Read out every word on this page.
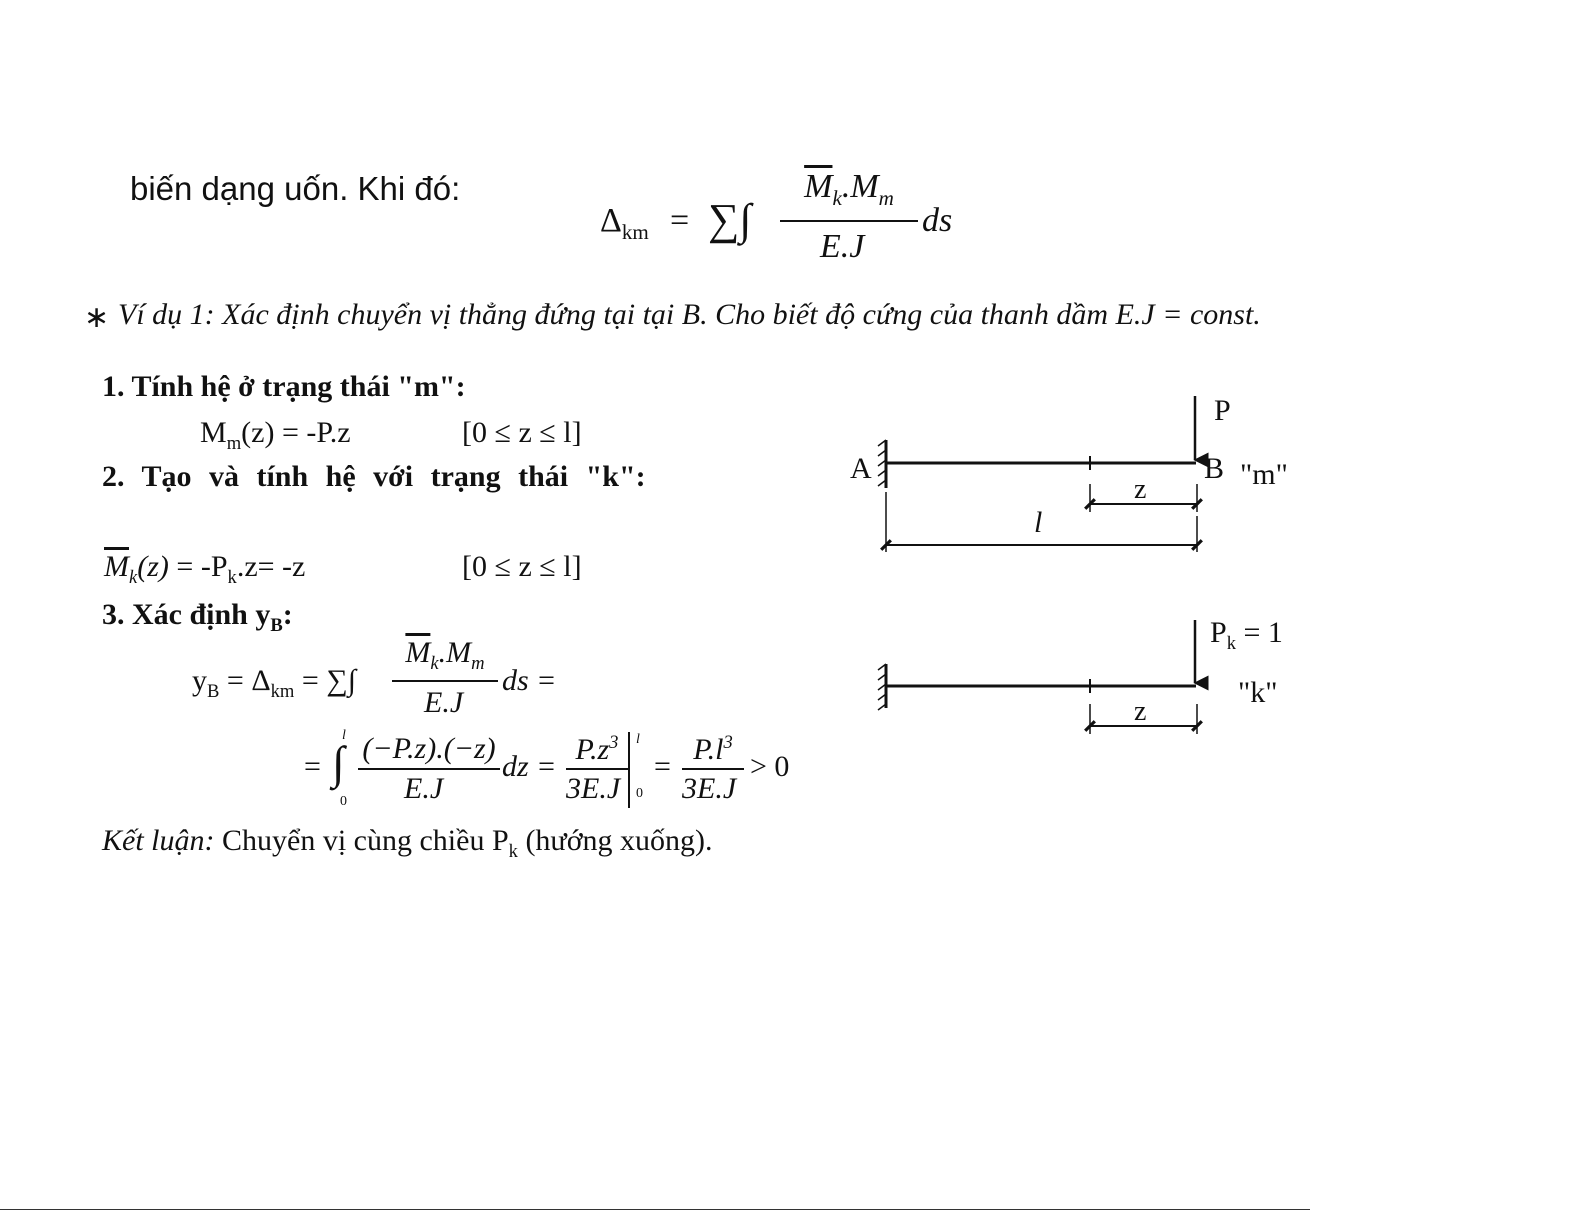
biến dạng uốn. Khi đó:
$\Delta_{km}$ = ∑∫
$\overline{M}_k.M_m$
E.J
ds
∗ Ví dụ 1: Xác định chuyển vị thẳng đứng tại tại B. Cho biết độ cứng của thanh dầm E.J = const.
1. Tính hệ ở trạng thái "m":
$M_m(z) = -P.z$	[0 ≤ z ≤ l]
2. Tạo và tính hệ với trạng thái "k":
$\overline{M}_k(z) = -P_k.z= -z$	[0 ≤ z ≤ l]
3. Xác định $y_B$:
$y_B = \Delta_{km}$ = ∑∫
$\overline{M}_k.M_m$
E.J
ds =
= ∫
l
0
(−P.z).(−z)
E.J
dz =
$P.z^3$
3E.J
l
0
=
$P.l^3$
3E.J
> 0
Kết luận: Chuyển vị cùng chiều $P_k$ (hướng xuống).
A	B
P
"m"
z
l
$P_k = 1$
"k"
z
